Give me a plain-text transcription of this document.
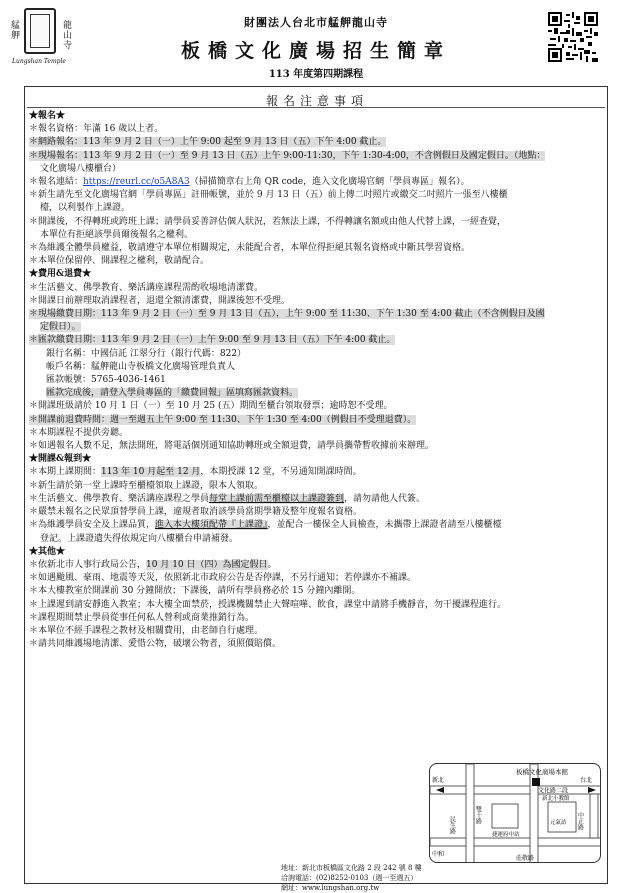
艋舺	龍山寺
Lungshan Temple
財團法人台北市艋舺龍山寺
板橋文化廣場招生簡章
113 年度第四期課程
報名注意事項
★報名★
＊報名資格：年滿 16 歲以上者。
＊網路報名：113 年 9 月 2 日（一）上午 9:00 起至 9 月 13 日（五）下午 4:00 截止。
＊現場報名：113 年 9 月 2 日（一）至 9 月 13 日（五）上午 9:00-11:30，下午 1:30-4:00，不含例假日及國定假日。（地點：
文化廣場八樓櫃台）
＊報名連結：https://reurl.cc/o5A8A3（掃描簡章右上角 QR code，進入文化廣場官網「學員專區」報名）。
＊新生請先至文化廣場官網「學員專區」註冊帳號，並於 9 月 13 日（五）前上傳二吋照片或繳交二吋照片一張至八樓櫃
檯，以利製作上課證。
＊開課後，不得轉班或跨班上課；請學員妥善評估個人狀況，若無法上課，不得轉讓名額或由他人代替上課，一經查覺，
本單位有拒絕該學員爾後報名之權利。
＊為維護全體學員權益，敬請遵守本單位相關規定，未能配合者，本單位得拒絕其報名資格或中斷其學習資格。
＊本單位保留停、開課程之權利，敬請配合。
★費用&退費★
＊生活藝文、佛學教育、樂活講座課程需酌收場地清潔費。
＊開課日前辦理取消課程者，退還全額清潔費，開課後恕不受理。
＊現場繳費日期：113 年 9 月 2 日（一）至 9 月 13 日（五），上午 9:00 至 11:30、下午 1:30 至 4:00 截止（不含例假日及國
定假日）。
＊匯款繳費日期：113 年 9 月 2 日（一）上午 9:00 至 9 月 13 日（五）下午 4:00 截止。
銀行名稱：中國信託 江翠分行（銀行代碼：822）
帳戶名稱：艋舺龍山寺板橋文化廣場管理負責人
匯款帳號：5765-4036-1461
匯款完成後，請登入學員專區的「繳費回報」區填寫匯款資料。
＊開課班級請於 10 月 1 日（一）至 10 月 25 (五）期間至櫃台領取發票；逾時恕不受理。
＊開課前退費時間：週一至週五上午 9:00 至 11:30、下午 1:30 至 4:00（例假日不受理退費）。
＊本期課程不提供旁聽。
＊如遇報名人數不足，無法開班，將電話個別通知協助轉班或全額退費，請學員攜帶暫收據前來辦理。
★開課&報到★
＊本期上課期間：113 年 10 月起至 12 月，本期授課 12 堂，不另通知開課時間。
＊新生請於第一堂上課時至櫃檯領取上課證，限本人領取。
＊生活藝文、佛學教育、樂活講座課程之學員每堂上課前需至櫃檯以上課證簽到，請勿請他人代簽。
＊嚴禁未報名之民眾頂替學員上課，違規者取消該學員當期學籍及整年度報名資格。
＊為維護學員安全及上課品質，進入本大樓須配帶『上課證』，並配合一樓保全人員檢查，未攜帶上課證者請至八樓櫃檯
登記。上課證遺失得依規定向八樓櫃台申請補發。
★其他★
＊依新北市人事行政局公告，10 月 10 日（四）為國定假日。
＊如遇颱風、豪雨、地震等天災，依照新北市政府公告是否停課，不另行通知；若停課亦不補課。
＊本大樓教室於開課前 30 分鐘開放；下課後，請所有學員務必於 15 分鐘內離開。
＊上課遲到請安靜進入教室；本大樓全面禁菸，授課機關禁止大聲喧嘩、飲食，課堂中請將手機靜音，勿干擾課程進行。
＊課程期間禁止學員從事任何私人營利或商業推銷行為。
＊本單位不經手課程之教材及相關費用，由老師自行處理。
＊請共同維護場地清潔、愛惜公物，破壞公物者，須照價賠償。
板橋文化廣場本館
文化路二段
新北	台北
民生路
雙十路
莊敬路
中和
中正路
新北小教館
捷運府中站
元氣站
地址：新北市板橋區文化路 2 段 242 號 8 樓
洽詢電話：(02)8252-0103（週一至週五）
網址：www.lungshan.org.tw
